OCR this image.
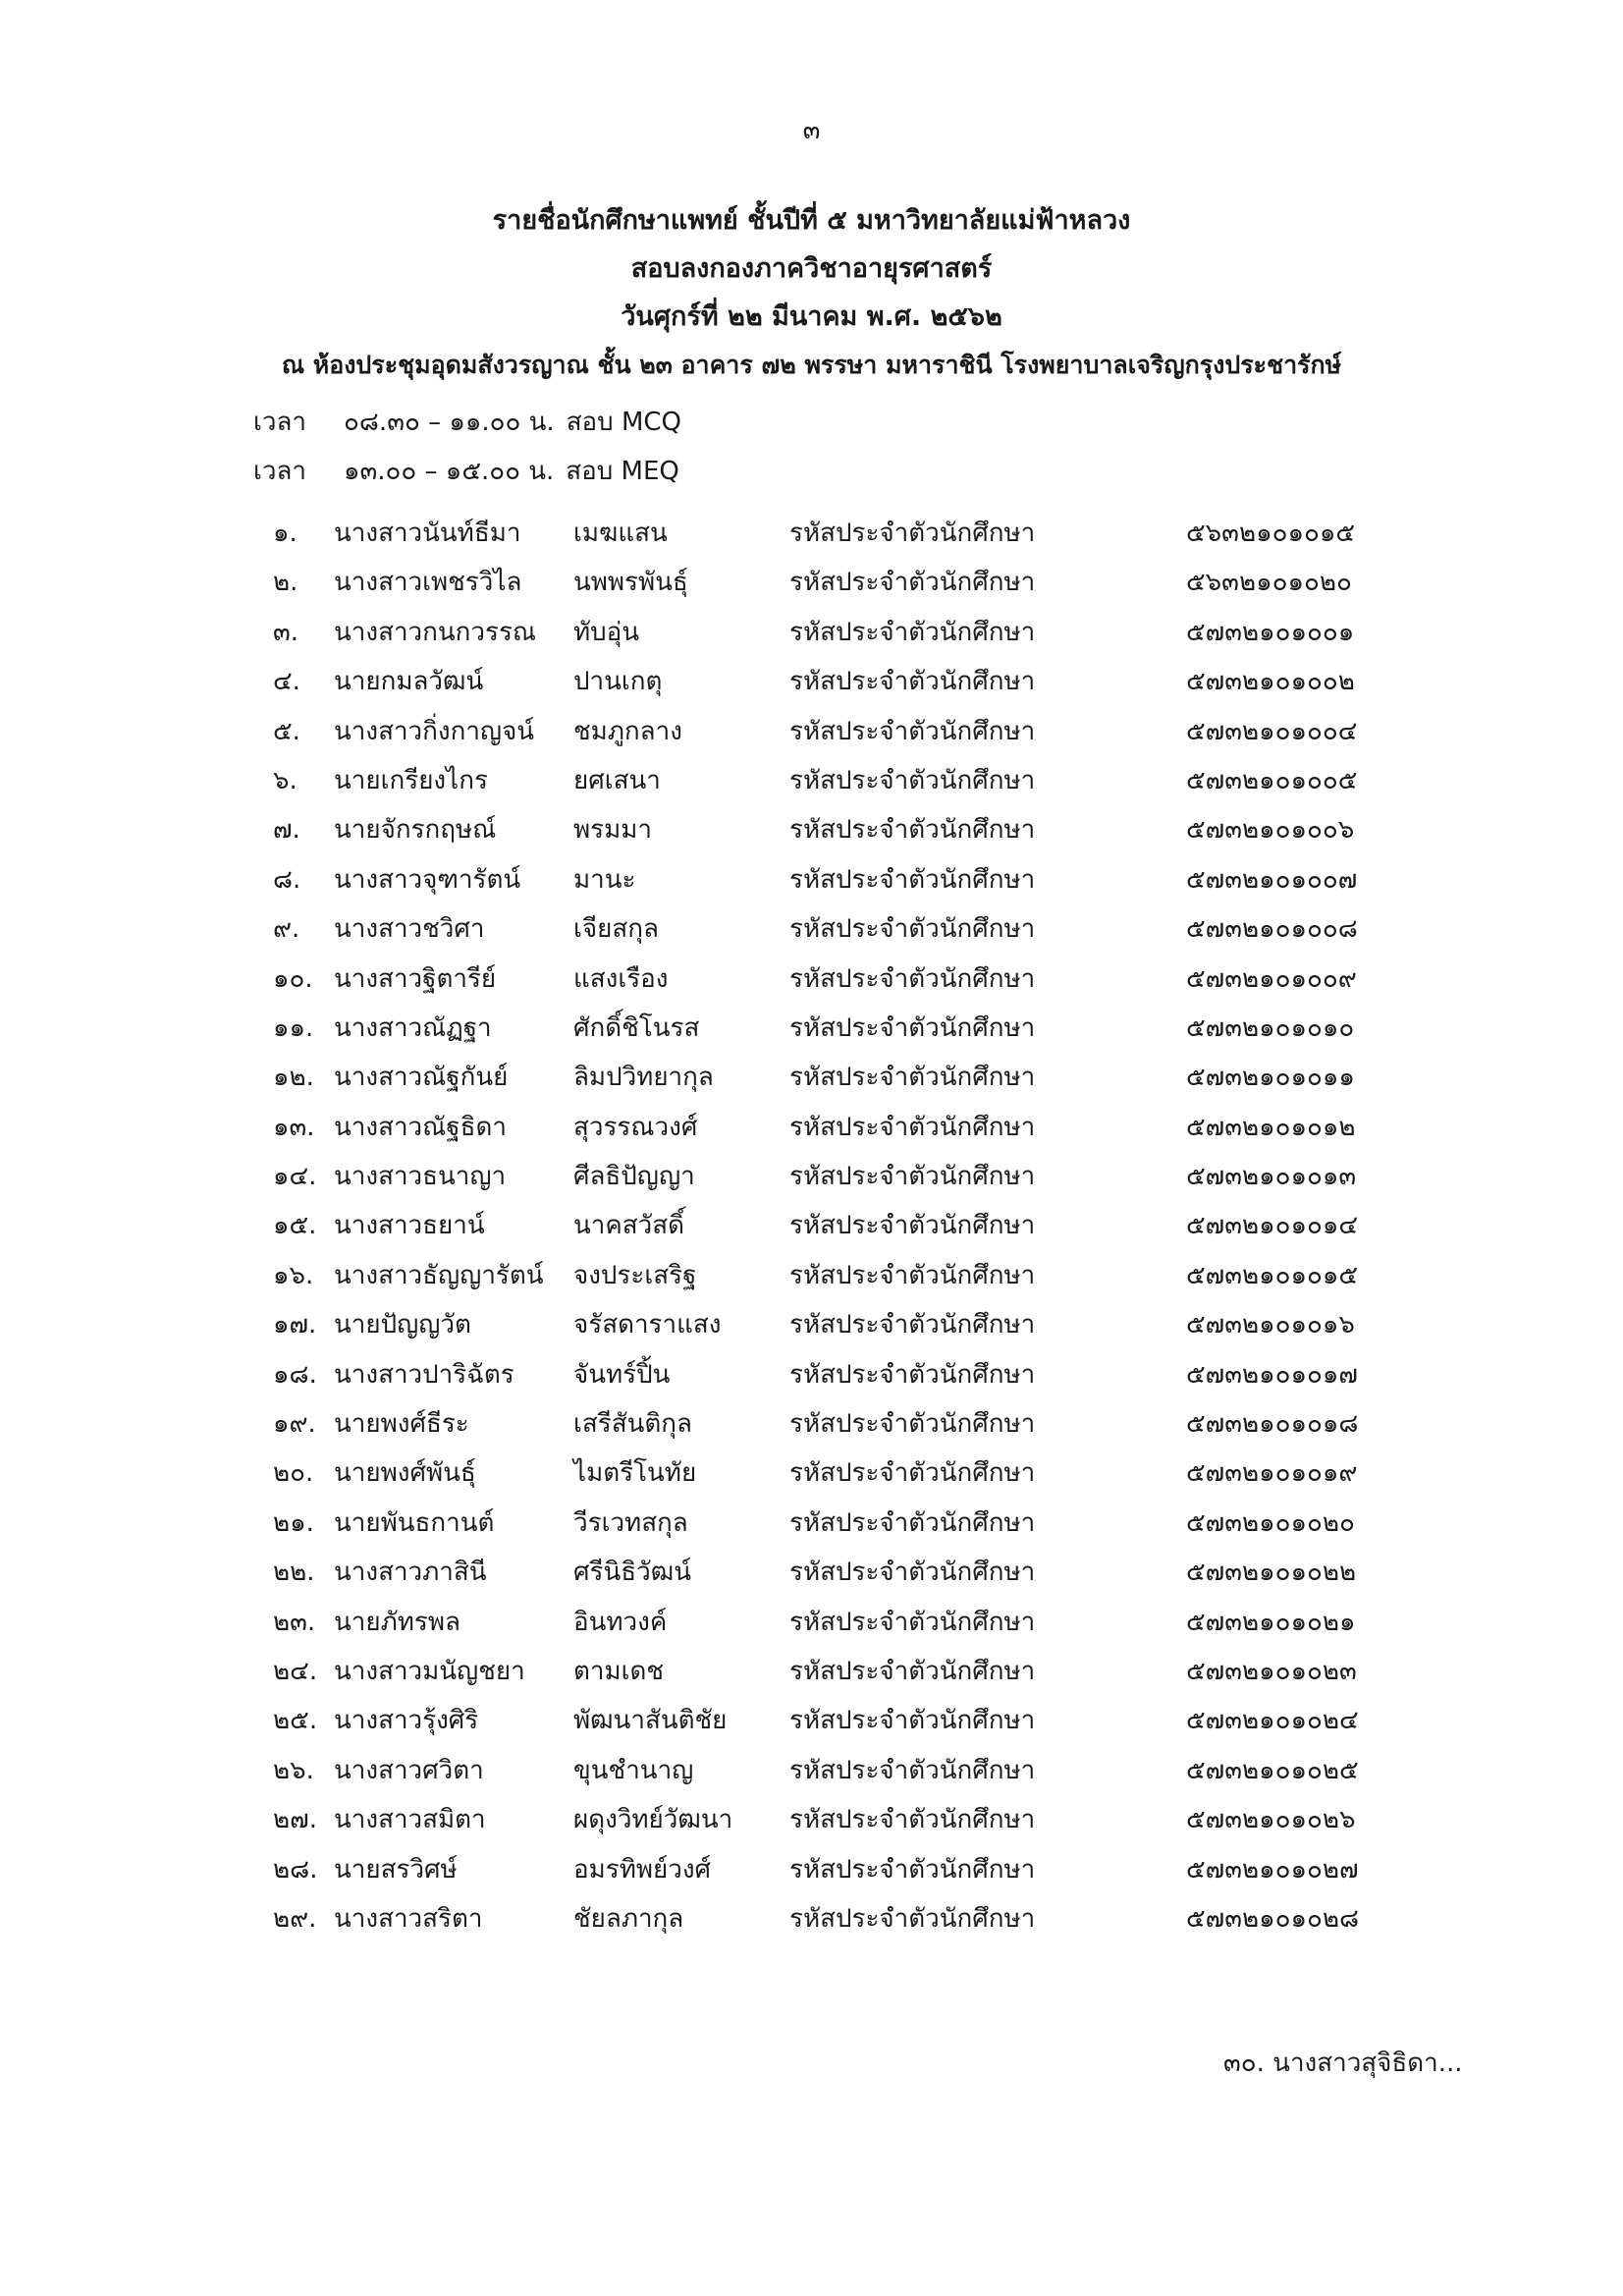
๓
รายชื่อนักศึกษาแพทย์ ชั้นปีที่ ๕ มหาวิทยาลัยแม่ฟ้าหลวง
สอบลงกองภาควิชาอายุรศาสตร์
วันศุกร์ที่ ๒๒ มีนาคม พ.ศ. ๒๕๖๒
ณ ห้องประชุมอุดมสังวรญาณ ชั้น ๒๓ อาคาร ๗๒ พรรษา มหาราชินี โรงพยาบาลเจริญกรุงประชารักษ์
เวลา ๐๘.๓๐ – ๑๑.๐๐ น. สอบ MCQ
เวลา ๑๓.๐๐ – ๑๕.๐๐ น. สอบ MEQ
๑. นางสาวนันท์ธีมา เมฆแสน	รหัสประจำตัวนักศึกษา	๕๖๓๒๑๐๑๐๑๕
๒. นางสาวเพชรวิไล นพพรพันธุ์	รหัสประจำตัวนักศึกษา	๕๖๓๒๑๐๑๐๒๐
๓. นางสาวกนกวรรณ ทับอุ่น	รหัสประจำตัวนักศึกษา	๕๗๓๒๑๐๑๐๐๑
๔. นายกมลวัฒน์	ปานเกตุ	รหัสประจำตัวนักศึกษา	๕๗๓๒๑๐๑๐๐๒
๕. นางสาวกิ่งกาญจน์ ชมภูกลาง	รหัสประจำตัวนักศึกษา	๕๗๓๒๑๐๑๐๐๔
๖. นายเกรียงไกร	ยศเสนา	รหัสประจำตัวนักศึกษา	๕๗๓๒๑๐๑๐๐๕
๗. นายจักรกฤษณ์	พรมมา	รหัสประจำตัวนักศึกษา	๕๗๓๒๑๐๑๐๐๖
๘. นางสาวจุฑารัตน์ มานะ	รหัสประจำตัวนักศึกษา	๕๗๓๒๑๐๑๐๐๗
๙. นางสาวชวิศา	เจียสกุล	รหัสประจำตัวนักศึกษา	๕๗๓๒๑๐๑๐๐๘
๑๐. นางสาวฐิตารีย์	แสงเรือง	รหัสประจำตัวนักศึกษา	๕๗๓๒๑๐๑๐๐๙
๑๑. นางสาวณัฏฐา	ศักดิ์ชิโนรส	รหัสประจำตัวนักศึกษา	๕๗๓๒๑๐๑๐๑๐
๑๒. นางสาวณัฐกันย์	ลิมปวิทยากุล	รหัสประจำตัวนักศึกษา	๕๗๓๒๑๐๑๐๑๑
๑๓. นางสาวณัฐธิดา	สุวรรณวงศ์	รหัสประจำตัวนักศึกษา	๕๗๓๒๑๐๑๐๑๒
๑๔. นางสาวธนาญา	ศีลธิปัญญา	รหัสประจำตัวนักศึกษา	๕๗๓๒๑๐๑๐๑๓
๑๕. นางสาวธยาน์	นาคสวัสดิ์	รหัสประจำตัวนักศึกษา	๕๗๓๒๑๐๑๐๑๔
๑๖. นางสาวธัญญารัตน์ จงประเสริฐ	รหัสประจำตัวนักศึกษา	๕๗๓๒๑๐๑๐๑๕
๑๗. นายปัญญวัต	จรัสดาราแสง	รหัสประจำตัวนักศึกษา	๕๗๓๒๑๐๑๐๑๖
๑๘. นางสาวปาริฉัตร จันทร์ปิ้น	รหัสประจำตัวนักศึกษา	๕๗๓๒๑๐๑๐๑๗
๑๙. นายพงศ์ธีระ	เสรีสันติกุล	รหัสประจำตัวนักศึกษา	๕๗๓๒๑๐๑๐๑๘
๒๐. นายพงศ์พันธุ์	ไมตรีโนทัย	รหัสประจำตัวนักศึกษา	๕๗๓๒๑๐๑๐๑๙
๒๑. นายพันธกานต์	วีรเวทสกุล	รหัสประจำตัวนักศึกษา	๕๗๓๒๑๐๑๐๒๐
๒๒. นางสาวภาสินี	ศรีนิธิวัฒน์	รหัสประจำตัวนักศึกษา	๕๗๓๒๑๐๑๐๒๒
๒๓. นายภัทรพล	อินทวงค์	รหัสประจำตัวนักศึกษา	๕๗๓๒๑๐๑๐๒๑
๒๔. นางสาวมนัญชยา ตามเดช	รหัสประจำตัวนักศึกษา	๕๗๓๒๑๐๑๐๒๓
๒๕. นางสาวรุ้งศิริ	พัฒนาสันติชัย รหัสประจำตัวนักศึกษา	๕๗๓๒๑๐๑๐๒๔
๒๖. นางสาวศวิตา	ขุนชำนาญ	รหัสประจำตัวนักศึกษา	๕๗๓๒๑๐๑๐๒๕
๒๗. นางสาวสมิตา	ผดุงวิทย์วัฒนา รหัสประจำตัวนักศึกษา	๕๗๓๒๑๐๑๐๒๖
๒๘. นายสรวิศษ์	อมรทิพย์วงศ์	รหัสประจำตัวนักศึกษา	๕๗๓๒๑๐๑๐๒๗
๒๙. นางสาวสริตา	ชัยลภากุล	รหัสประจำตัวนักศึกษา	๕๗๓๒๑๐๑๐๒๘
๓๐. นางสาวสุจิธิดา...
